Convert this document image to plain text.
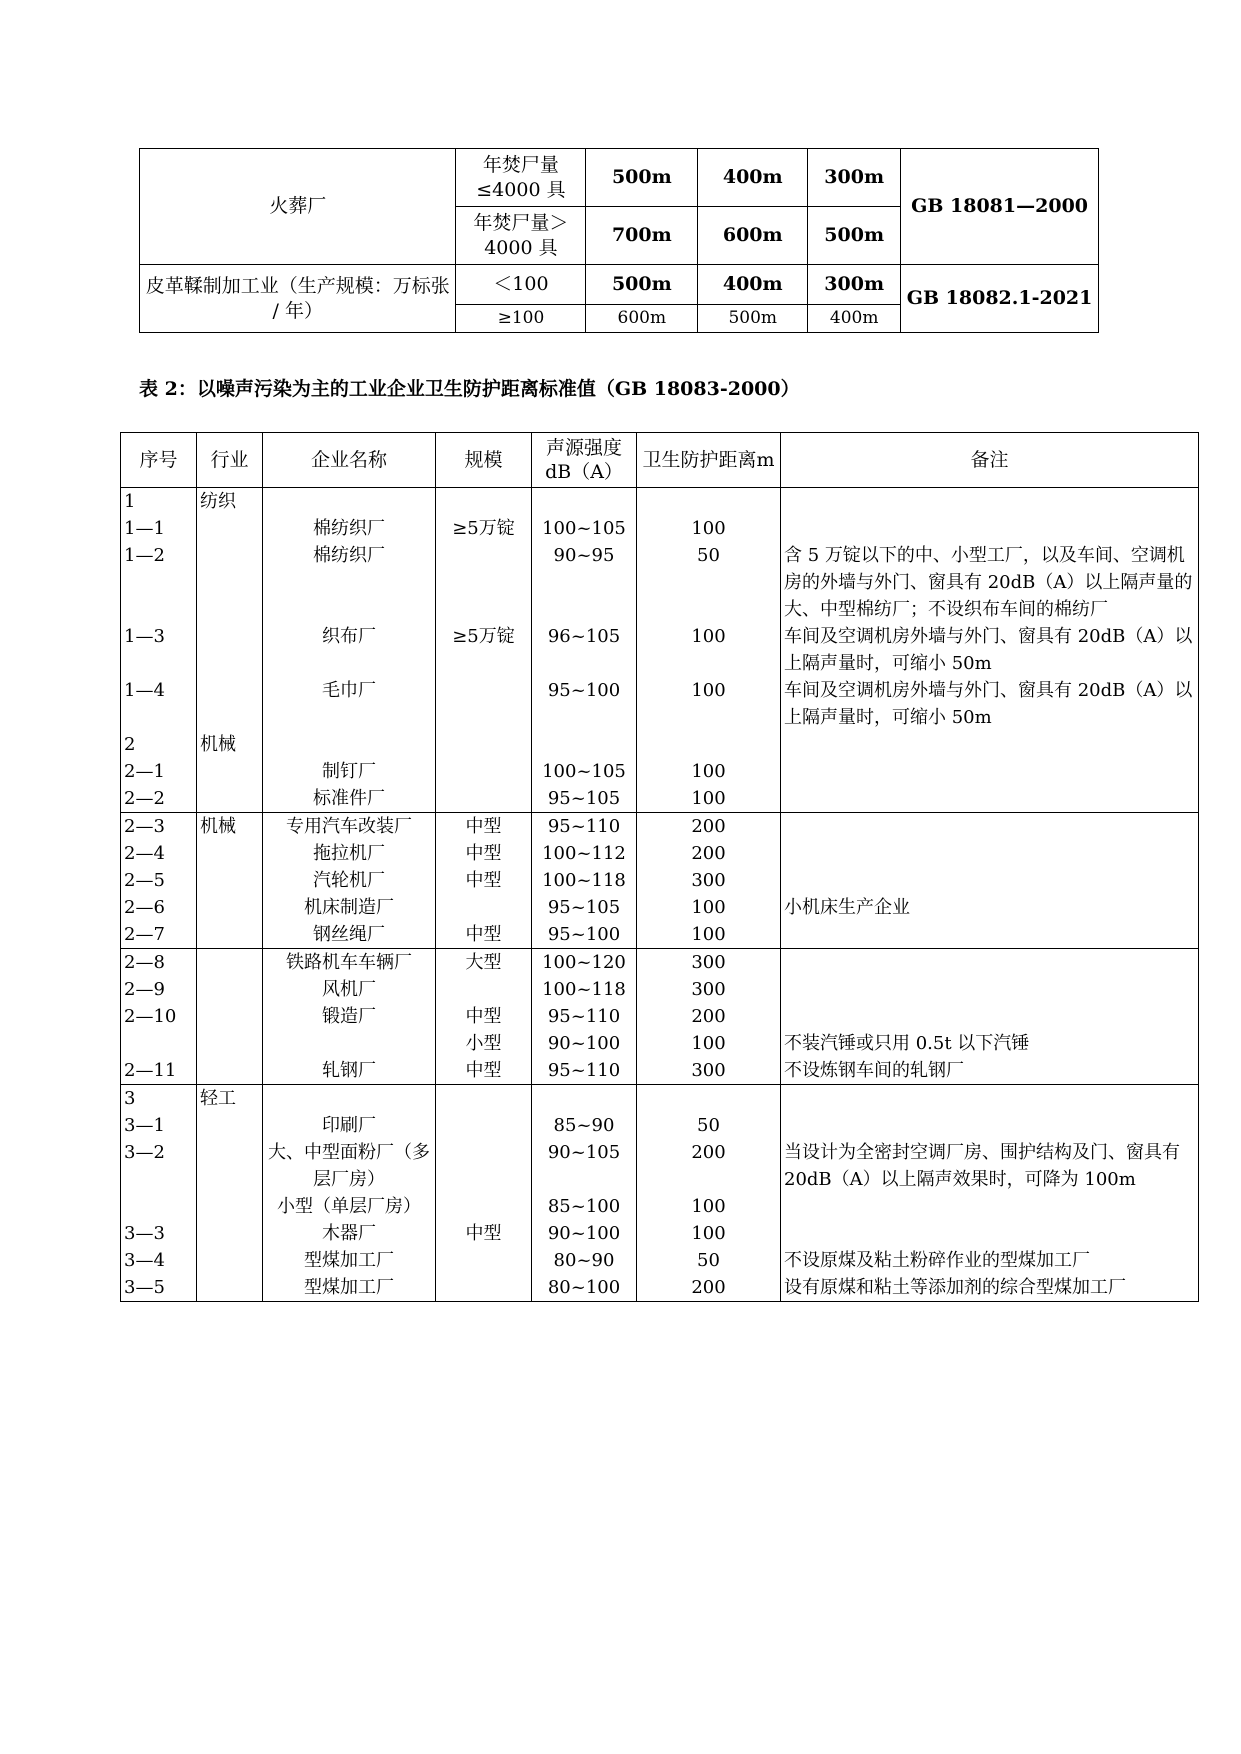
火葬厂	年焚尸量≤4000 具	500m	400m	300m	GB 18081—2000
	年焚尸量＞4000 具	700m	600m	500m	
皮革鞣制加工业（生产规模：万标张 / 年）	＜100	500m	400m	300m	GB 18082.1-2021
	≥100	600m	500m	400m	
表 2：以噪声污染为主的工业企业卫生防护距离标准值（GB 18083-2000）
序号	行业	企业名称	规模	声源强度dB（A）	卫生防护距离m	备注
1	纺织					
1—1		棉纺织厂	≥5万锭	100~105	100	
1—2		棉纺织厂		90~95	50	含 5 万锭以下的中、小型工厂，以及车间、空调机房的外墙与外门、窗具有 20dB（A）以上隔声量的大、中型棉纺厂；不设织布车间的棉纺厂
1—3		织布厂	≥5万锭	96~105	100	车间及空调机房外墙与外门、窗具有 20dB（A）以上隔声量时，可缩小 50m
1—4		毛巾厂		95~100	100	车间及空调机房外墙与外门、窗具有 20dB（A）以上隔声量时，可缩小 50m
2	机械					
2—1		制钉厂		100~105	100	
2—2		标准件厂		95~105	100	
2—3	机械	专用汽车改装厂	中型	95~110	200	
2—4		拖拉机厂	中型	100~112	200	
2—5		汽轮机厂	中型	100~118	300	
2—6		机床制造厂		95~105	100	小机床生产企业
2—7		钢丝绳厂	中型	95~100	100	
2—8		铁路机车车辆厂	大型	100~120	300	
2—9		风机厂		100~118	300	
2—10		锻造厂	中型	95~110	200	
			小型	90~100	100	不装汽锤或只用 0.5t 以下汽锤
2—11		轧钢厂	中型	95~110	300	不设炼钢车间的轧钢厂
3	轻工					
3—1		印刷厂		85~90	50	
3—2		大、中型面粉厂（多层厂房）		90~105	200	当设计为全密封空调厂房、围护结构及门、窗具有 20dB（A）以上隔声效果时，可降为 100m
		小型（单层厂房）		85~100	100	
3—3		木器厂	中型	90~100	100	
3—4		型煤加工厂		80~90	50	不设原煤及粘土粉碎作业的型煤加工厂
3—5		型煤加工厂		80~100	200	设有原煤和粘土等添加剂的综合型煤加工厂
